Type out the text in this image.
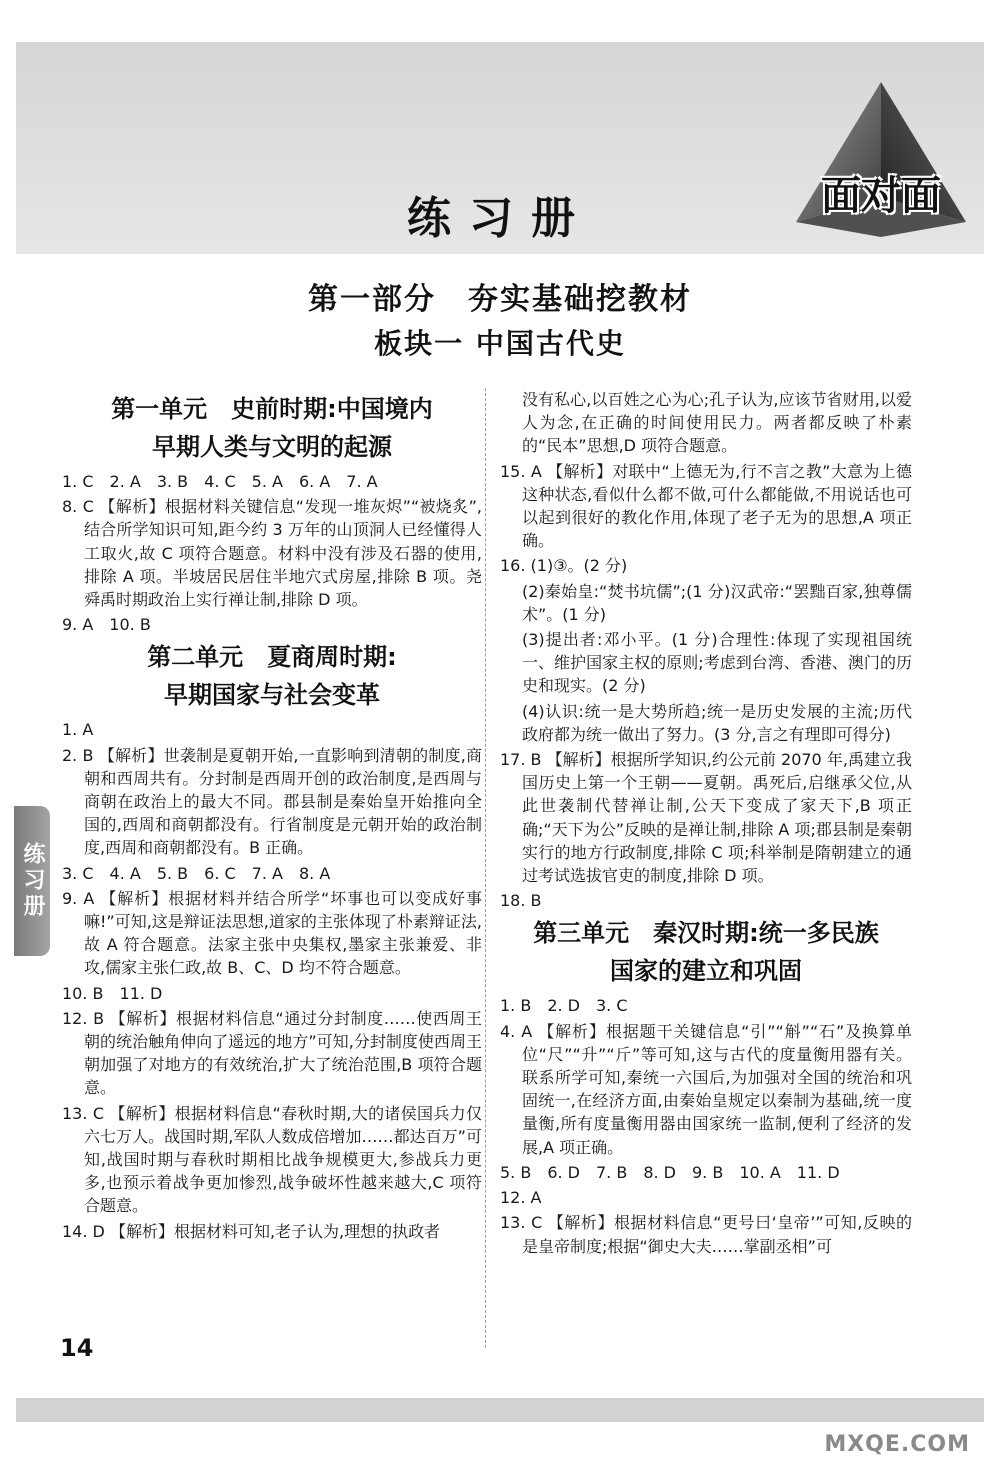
练习册	面对面
第一部分　夯实基础挖教材
板块一 中国古代史
第一单元　史前时期:中国境内
早期人类与文明的起源

1. C　2. A　3. B　4. C　5. A　6. A　7. A

8. C 【解析】根据材料关键信息“发现一堆灰烬”“被烧炙”,结合所学知识可知,距今约 3 万年的山顶洞人已经懂得人工取火,故 C 项符合题意。材料中没有涉及石器的使用,排除 A 项。半坡居民居住半地穴式房屋,排除 B 项。尧舜禹时期政治上实行禅让制,排除 D 项。

9. A　10. B

第二单元　夏商周时期:
早期国家与社会变革

1. A

2. B 【解析】世袭制是夏朝开始,一直影响到清朝的制度,商朝和西周共有。分封制是西周开创的政治制度,是西周与商朝在政治上的最大不同。郡县制是秦始皇开始推向全国的,西周和商朝都没有。行省制度是元朝开始的政治制度,西周和商朝都没有。B 正确。

3. C　4. A　5. B　6. C　7. A　8. A

9. A 【解析】根据材料并结合所学“坏事也可以变成好事嘛!”可知,这是辩证法思想,道家的主张体现了朴素辩证法,故 A 符合题意。法家主张中央集权,墨家主张兼爱、非攻,儒家主张仁政,故 B、C、D 均不符合题意。

10. B　11. D

12. B 【解析】根据材料信息“通过分封制度……使西周王朝的统治触角伸向了遥远的地方”可知,分封制度使西周王朝加强了对地方的有效统治,扩大了统治范围,B 项符合题意。

13. C 【解析】根据材料信息“春秋时期,大的诸侯国兵力仅六七万人。战国时期,军队人数成倍增加……都达百万”可知,战国时期与春秋时期相比战争规模更大,参战兵力更多,也预示着战争更加惨烈,战争破坏性越来越大,C 项符合题意。

14. D 【解析】根据材料可知,老子认为,理想的执政者

没有私心,以百姓之心为心;孔子认为,应该节省财用,以爱人为念,在正确的时间使用民力。两者都反映了朴素的“民本”思想,D 项符合题意。

15. A 【解析】对联中“上德无为,行不言之教”大意为上德这种状态,看似什么都不做,可什么都能做,不用说话也可以起到很好的教化作用,体现了老子无为的思想,A 项正确。

16. (1)③。(2 分)

(2)秦始皇:“焚书坑儒”;(1 分)汉武帝:“罢黜百家,独尊儒术”。(1 分)

(3)提出者:邓小平。(1 分)合理性:体现了实现祖国统一、维护国家主权的原则;考虑到台湾、香港、澳门的历史和现实。(2 分)

(4)认识:统一是大势所趋;统一是历史发展的主流;历代政府都为统一做出了努力。(3 分,言之有理即可得分)

17. B 【解析】根据所学知识,约公元前 2070 年,禹建立我国历史上第一个王朝——夏朝。禹死后,启继承父位,从此世袭制代替禅让制,公天下变成了家天下,B 项正确;“天下为公”反映的是禅让制,排除 A 项;郡县制是秦朝实行的地方行政制度,排除 C 项;科举制是隋朝建立的通过考试选拔官吏的制度,排除 D 项。

18. B

第三单元　秦汉时期:统一多民族
国家的建立和巩固

1. B　2. D　3. C

4. A 【解析】根据题干关键信息“引”“斛”“石”及换算单位“尺”“升”“斤”等可知,这与古代的度量衡用器有关。联系所学可知,秦统一六国后,为加强对全国的统治和巩固统一,在经济方面,由秦始皇规定以秦制为基础,统一度量衡,所有度量衡用器由国家统一监制,便利了经济的发展,A 项正确。

5. B　6. D　7. B　8. D　9. B　10. A　11. D

12. A

13. C 【解析】根据材料信息“更号曰‘皇帝’”可知,反映的是皇帝制度;根据“御史大夫……掌副丞相”可

练习册
14
MXQE.COM
